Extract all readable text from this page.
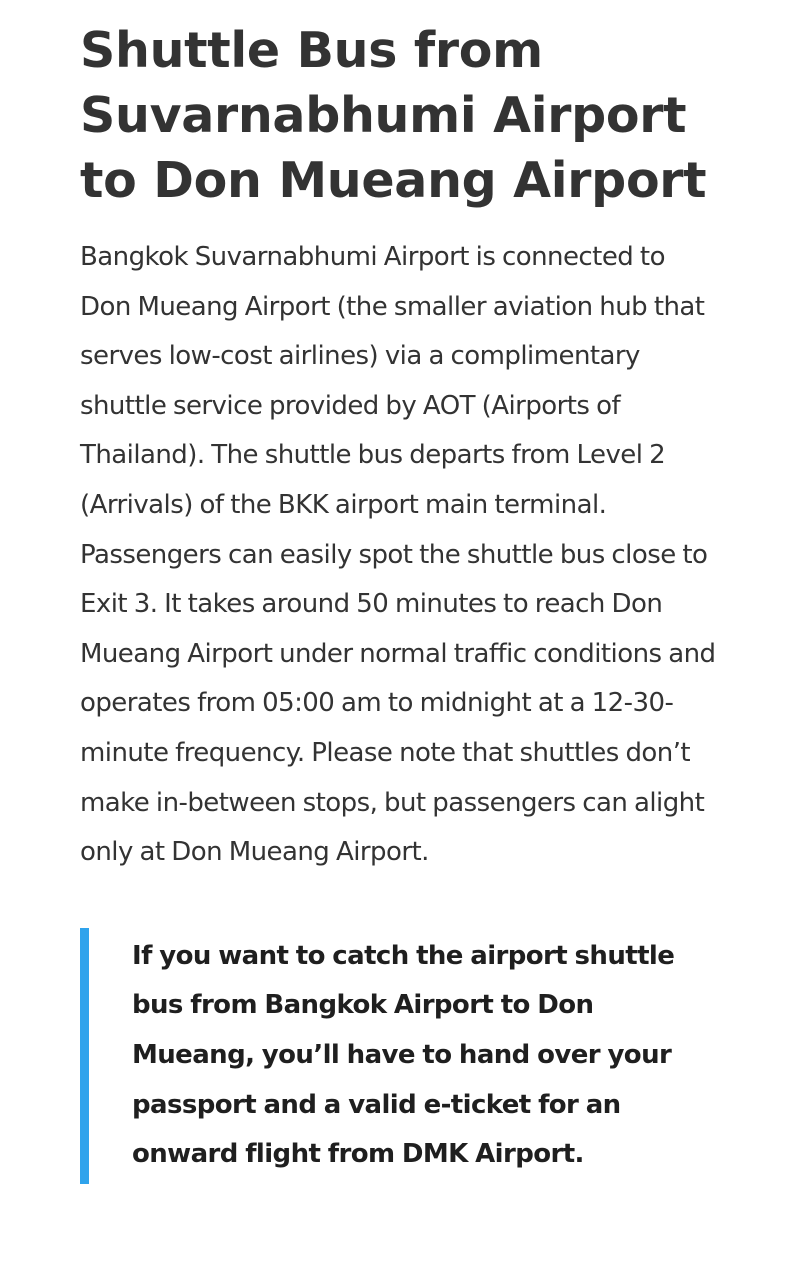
Shuttle Bus from Suvarnabhumi Airport to Don Mueang Airport

Bangkok Suvarnabhumi Airport is connected to Don Mueang Airport (the smaller aviation hub that serves low-cost airlines) via a complimentary shuttle service provided by AOT (Airports of Thailand). The shuttle bus departs from Level 2 (Arrivals) of the BKK airport main terminal. Passengers can easily spot the shuttle bus close to Exit 3. It takes around 50 minutes to reach Don Mueang Airport under normal traffic conditions and operates from 05:00 am to midnight at a 12-30-minute frequency. Please note that shuttles don’t make in-between stops, but passengers can alight only at Don Mueang Airport.

If you want to catch the airport shuttle bus from Bangkok Airport to Don Mueang, you’ll have to hand over your passport and a valid e-ticket for an onward flight from DMK Airport.
